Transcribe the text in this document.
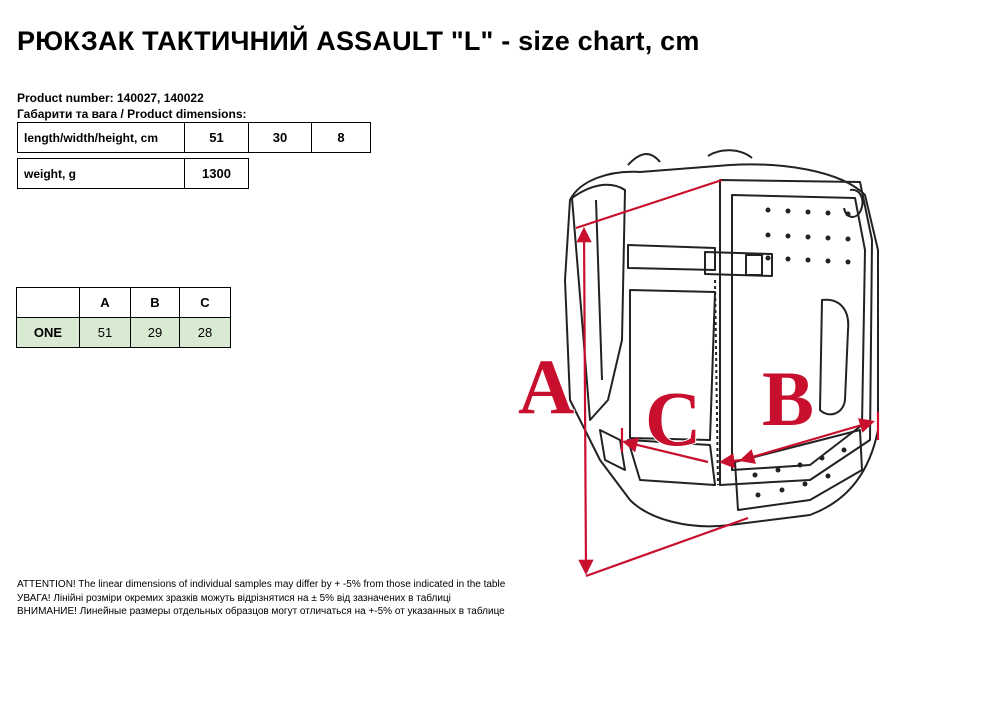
РЮКЗАК ТАКТИЧНИЙ ASSAULT "L" - size chart, cm
Product number: 140027, 140022
Габарити та вага / Product dimensions:
length/width/height, cm	51	30	8
weight, g	1300
	A	B	C
ONE	51	29	28
ATTENTION! The linear dimensions of individual samples may differ by + -5% from those indicated in the table
УВАГА! Лінійні розміри окремих зразків можуть відрізнятися на ± 5% від зазначених в таблиці
ВНИМАНИЕ! Линейные размеры отдельных образцов могут отличаться на +-5% от указанных в таблице
A C B
